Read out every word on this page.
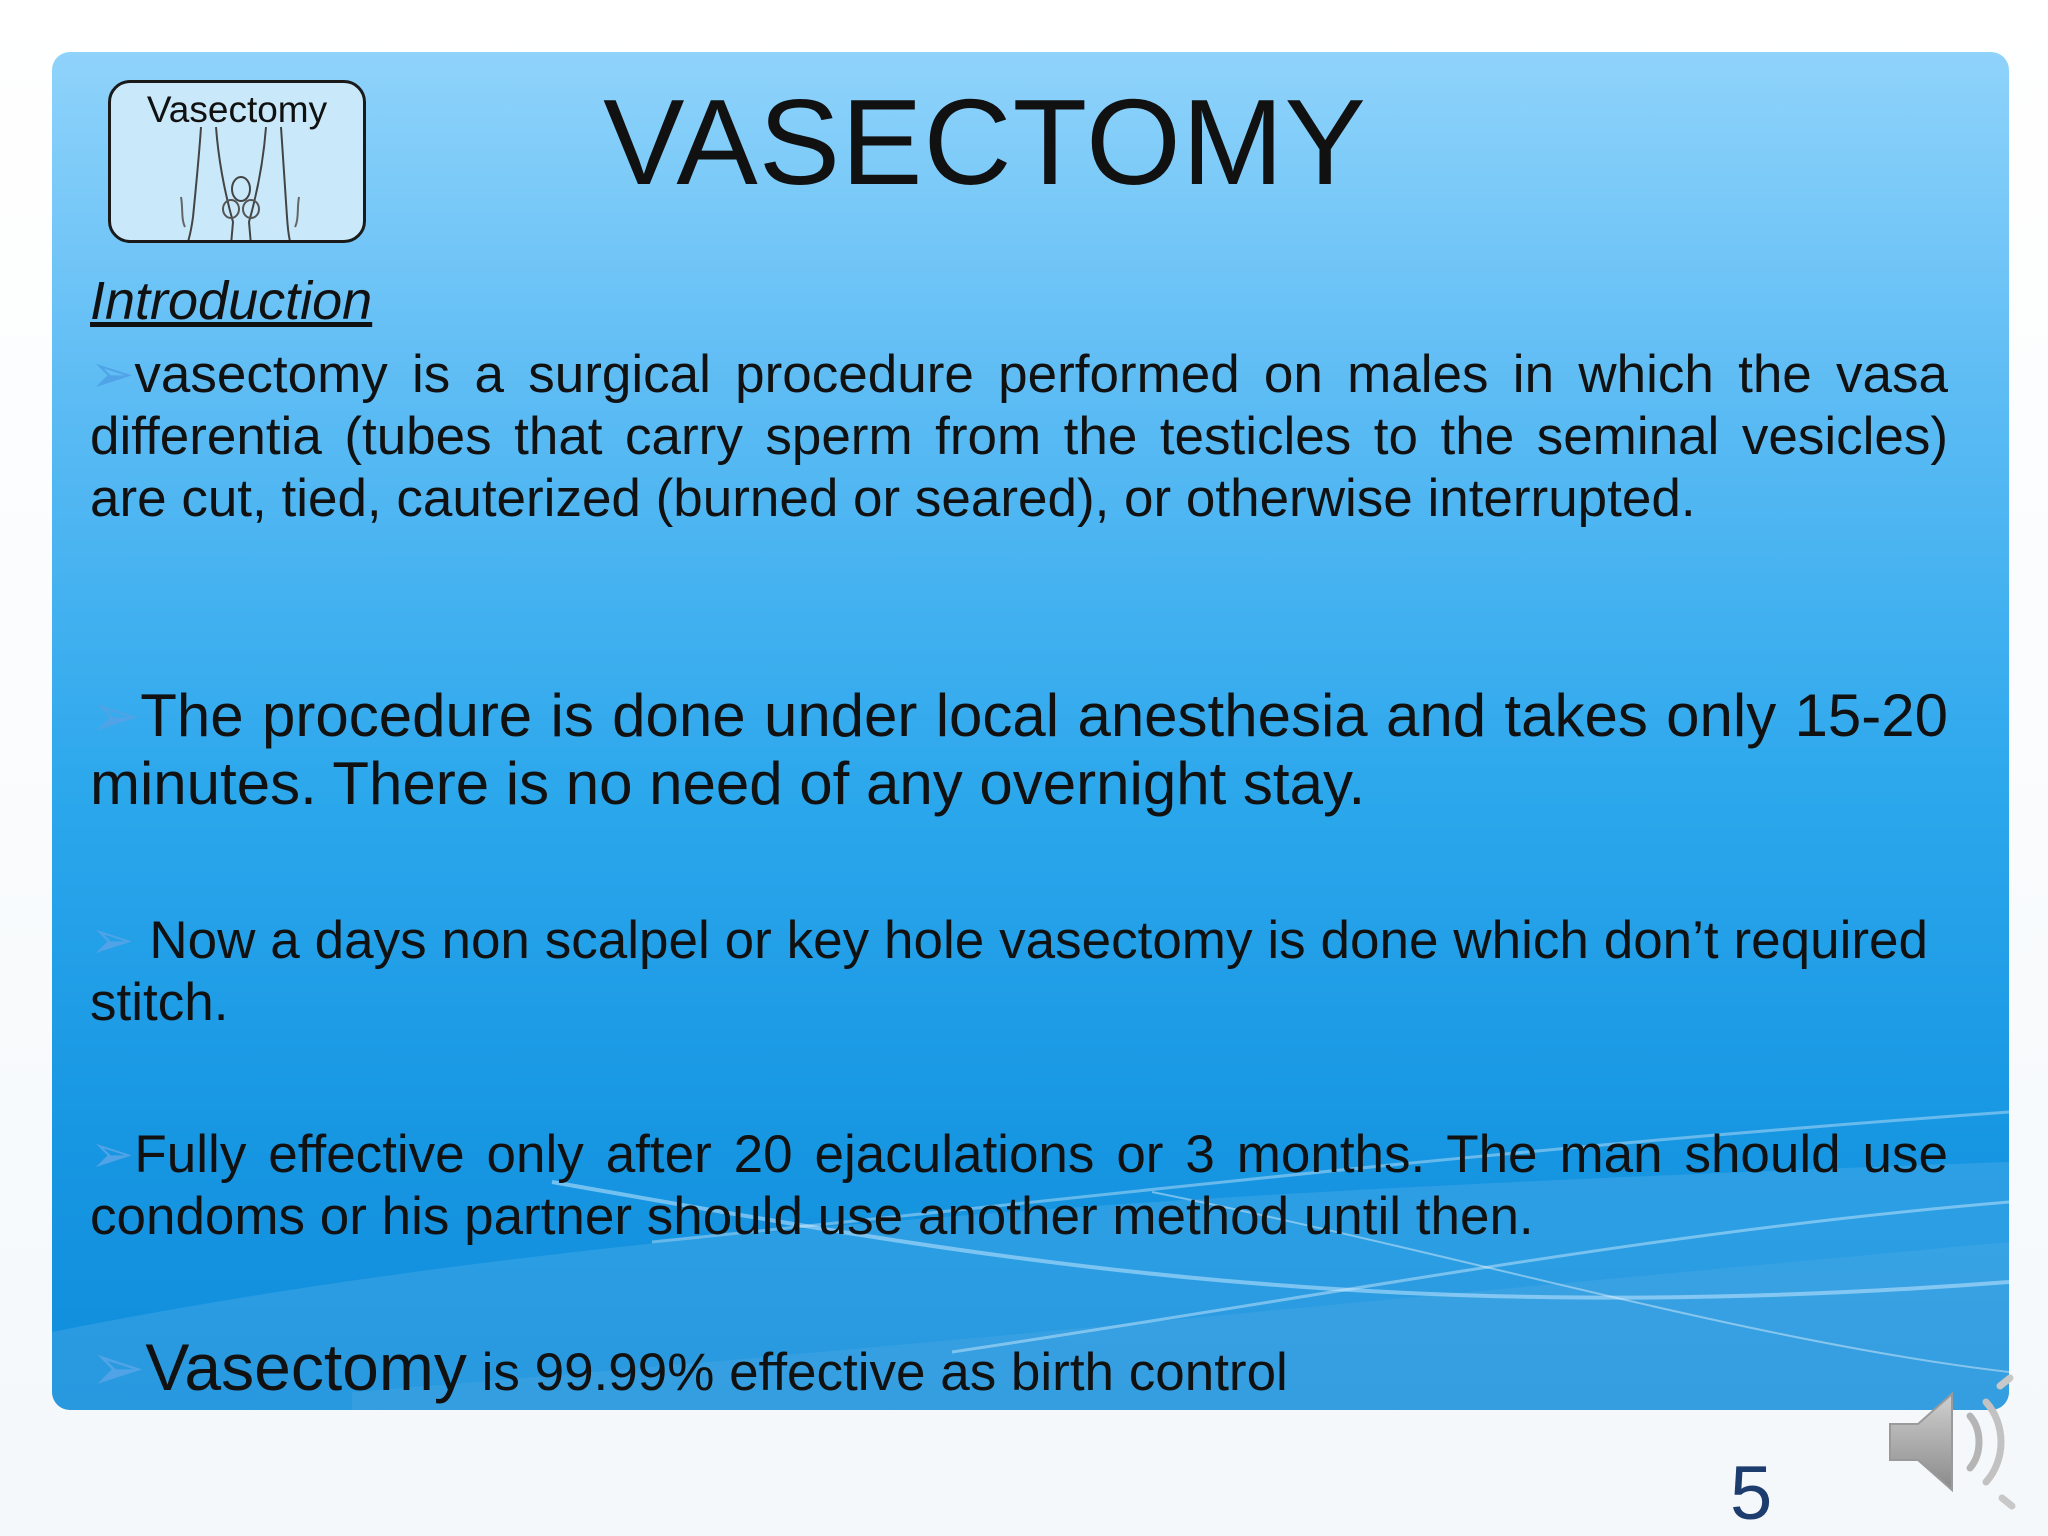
Vasectomy	VASECTOMY
Introduction
➢vasectomy is a surgical procedure performed on males in which the vasa differentia (tubes that carry sperm from the testicles to the seminal vesicles) are cut, tied, cauterized (burned or seared), or otherwise interrupted.
➢The procedure is done under local anesthesia and takes only 15-20 minutes. There is no need of any overnight stay.
➢ Now a days non scalpel or key hole vasectomy is done which don’t required stitch.
➢Fully effective only after 20 ejaculations or 3 months. The man should use condoms or his partner should use another method until then.
➢Vasectomy is 99.99% effective as birth control
5
